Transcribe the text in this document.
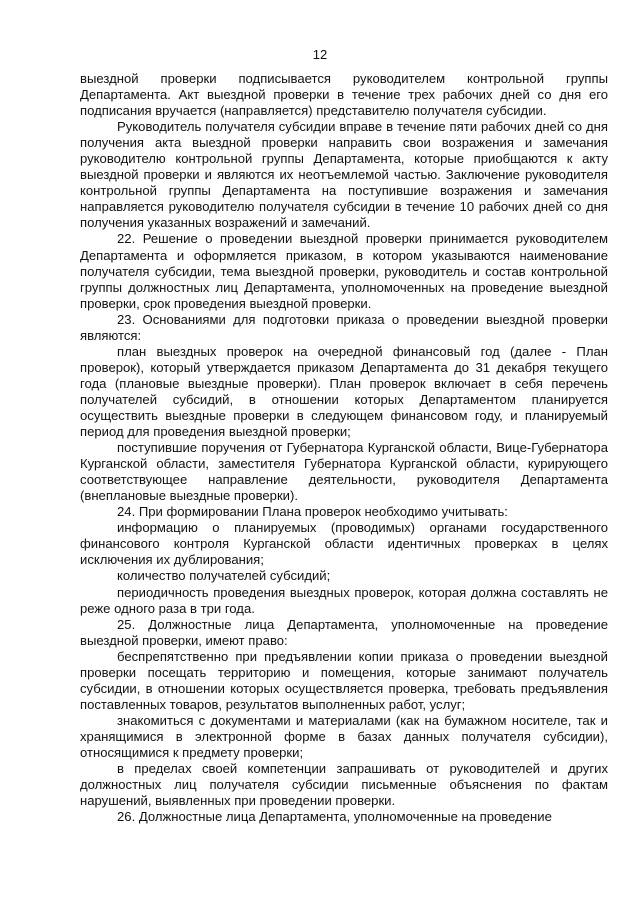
12

выездной проверки подписывается руководителем контрольной группы Департамента. Акт выездной проверки в течение трех рабочих дней со дня его подписания вручается (направляется) представителю получателя субсидии.

Руководитель получателя субсидии вправе в течение пяти рабочих дней со дня получения акта выездной проверки направить свои возражения и замечания руководителю контрольной группы Департамента, которые приобщаются к акту выездной проверки и являются их неотъемлемой частью. Заключение руководителя контрольной группы Департамента на поступившие возражения и замечания направляется руководителю получателя субсидии в течение 10 рабочих дней со дня получения указанных возражений и замечаний.

22. Решение о проведении выездной проверки принимается руководителем Департамента и оформляется приказом, в котором указываются наименование получателя субсидии, тема выездной проверки, руководитель и состав контрольной группы должностных лиц Департамента, уполномоченных на проведение выездной проверки, срок проведения выездной проверки.

23. Основаниями для подготовки приказа о проведении выездной проверки являются:

план выездных проверок на очередной финансовый год (далее - План проверок), который утверждается приказом Департамента до 31 декабря текущего года (плановые выездные проверки). План проверок включает в себя перечень получателей субсидий, в отношении которых Департаментом планируется осуществить выездные проверки в следующем финансовом году, и планируемый период для проведения выездной проверки;

поступившие поручения от Губернатора Курганской области, Вице-Губернатора Курганской области, заместителя Губернатора Курганской области, курирующего соответствующее направление деятельности, руководителя Департамента (внеплановые выездные проверки).

24. При формировании Плана проверок необходимо учитывать:

информацию о планируемых (проводимых) органами государственного финансового контроля Курганской области идентичных проверках в целях исключения их дублирования;

количество получателей субсидий;

периодичность проведения выездных проверок, которая должна составлять не реже одного раза в три года.

25. Должностные лица Департамента, уполномоченные на проведение выездной проверки, имеют право:

беспрепятственно при предъявлении копии приказа о проведении выездной проверки посещать территорию и помещения, которые занимают получатель субсидии, в отношении которых осуществляется проверка, требовать предъявления поставленных товаров, результатов выполненных работ, услуг;

знакомиться с документами и материалами (как на бумажном носителе, так и хранящимися в электронной форме в базах данных получателя субсидии), относящимися к предмету проверки;

в пределах своей компетенции запрашивать от руководителей и других должностных лиц получателя субсидии письменные объяснения по фактам нарушений, выявленных при проведении проверки.

26. Должностные лица Департамента, уполномоченные на проведение
